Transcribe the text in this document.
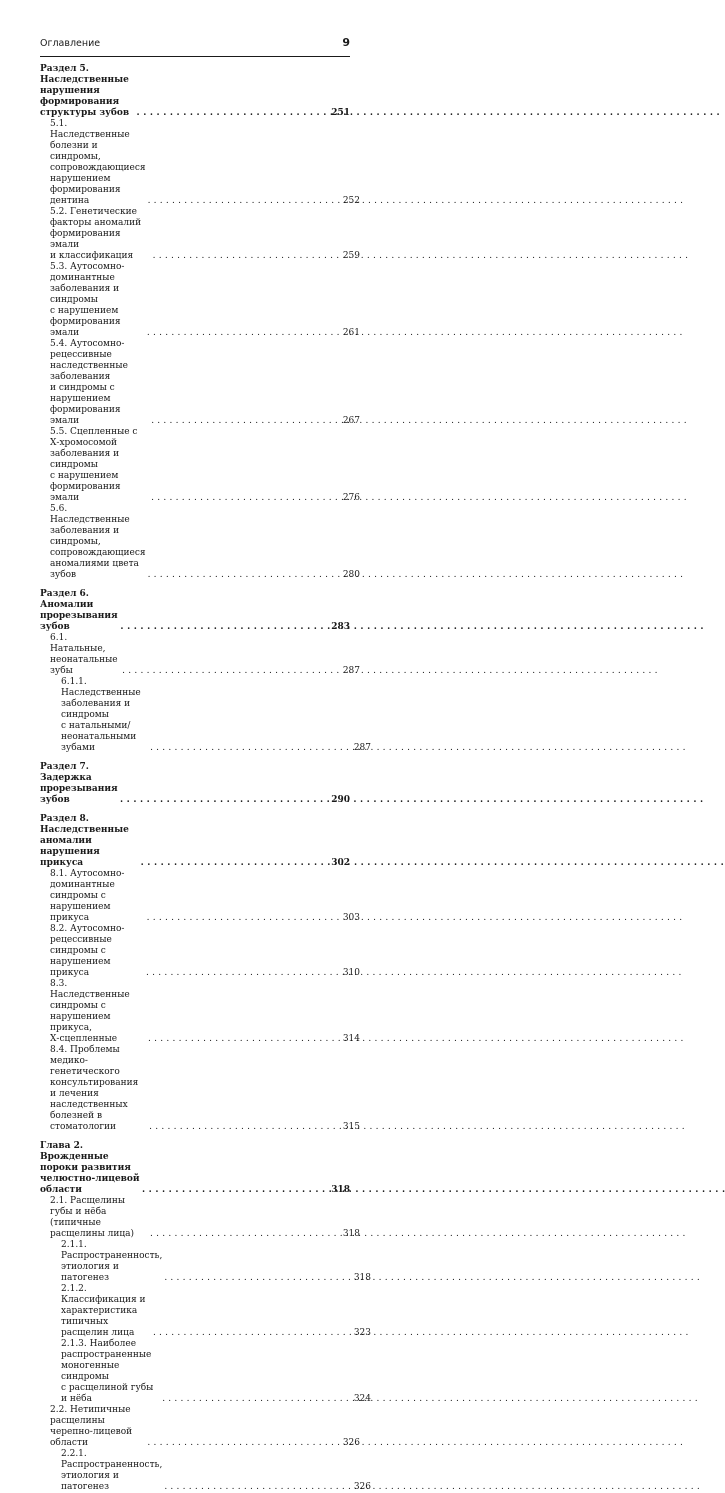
Оглавление	9
Раздел 5. Наследственные нарушения формирования
структуры зубов . . .	251
5.1. Наследственные болезни и синдромы,
сопровождающиеся нарушением
формирования дентина . . .	252
5.2. Генетические факторы аномалий формирования эмали
и классификация . . .	259
5.3. Аутосомно-доминантные заболевания и синдромы
с нарушением формирования эмали . . .	261
5.4. Аутосомно-рецессивные наследственные заболевания
и синдромы с нарушением формирования эмали . . .	267
5.5. Сцепленные с Х-хромосомой заболевания и синдромы
с нарушением формирования эмали . . .	276
5.6. Наследственные заболевания и синдромы,
сопровождающиеся аномалиями цвета зубов . . .	280
Раздел 6. Аномалии прорезывания зубов . . .	283
6.1. Натальные, неонатальные зубы . . .	287
6.1.1. Наследственные заболевания и синдромы
с натальными/неонатальными зубами . . .	287
Раздел 7. Задержка прорезывания зубов . . .	290
Раздел 8. Наследственные аномалии нарушения прикуса . . .	302
8.1. Аутосомно-доминантные синдромы с нарушением
прикуса . . .	303
8.2. Аутосомно-рецессивные синдромы с нарушением
прикуса . . .	310
8.3. Наследственные синдромы с нарушением прикуса,
Х-сцепленные . . .	314
8.4. Проблемы медико-генетического консультирования
и лечения наследственных болезней в стоматологии . . .	315
Глава 2. Врожденные пороки развития челюстно-лицевой
области . . .	318
2.1. Расщелины губы и нёба (типичные расщелины лица) . . .	318
2.1.1. Распространенность, этиология и патогенез . . .	318
2.1.2. Классификация и характеристика типичных
расщелин лица . . .	323
2.1.3. Наиболее распространенные моногенные синдромы
с расщелиной губы и нёба . . .	324
2.2. Нетипичные расщелины черепно-лицевой области . . .	326
2.2.1. Распространенность, этиология и патогенез . . .	326
